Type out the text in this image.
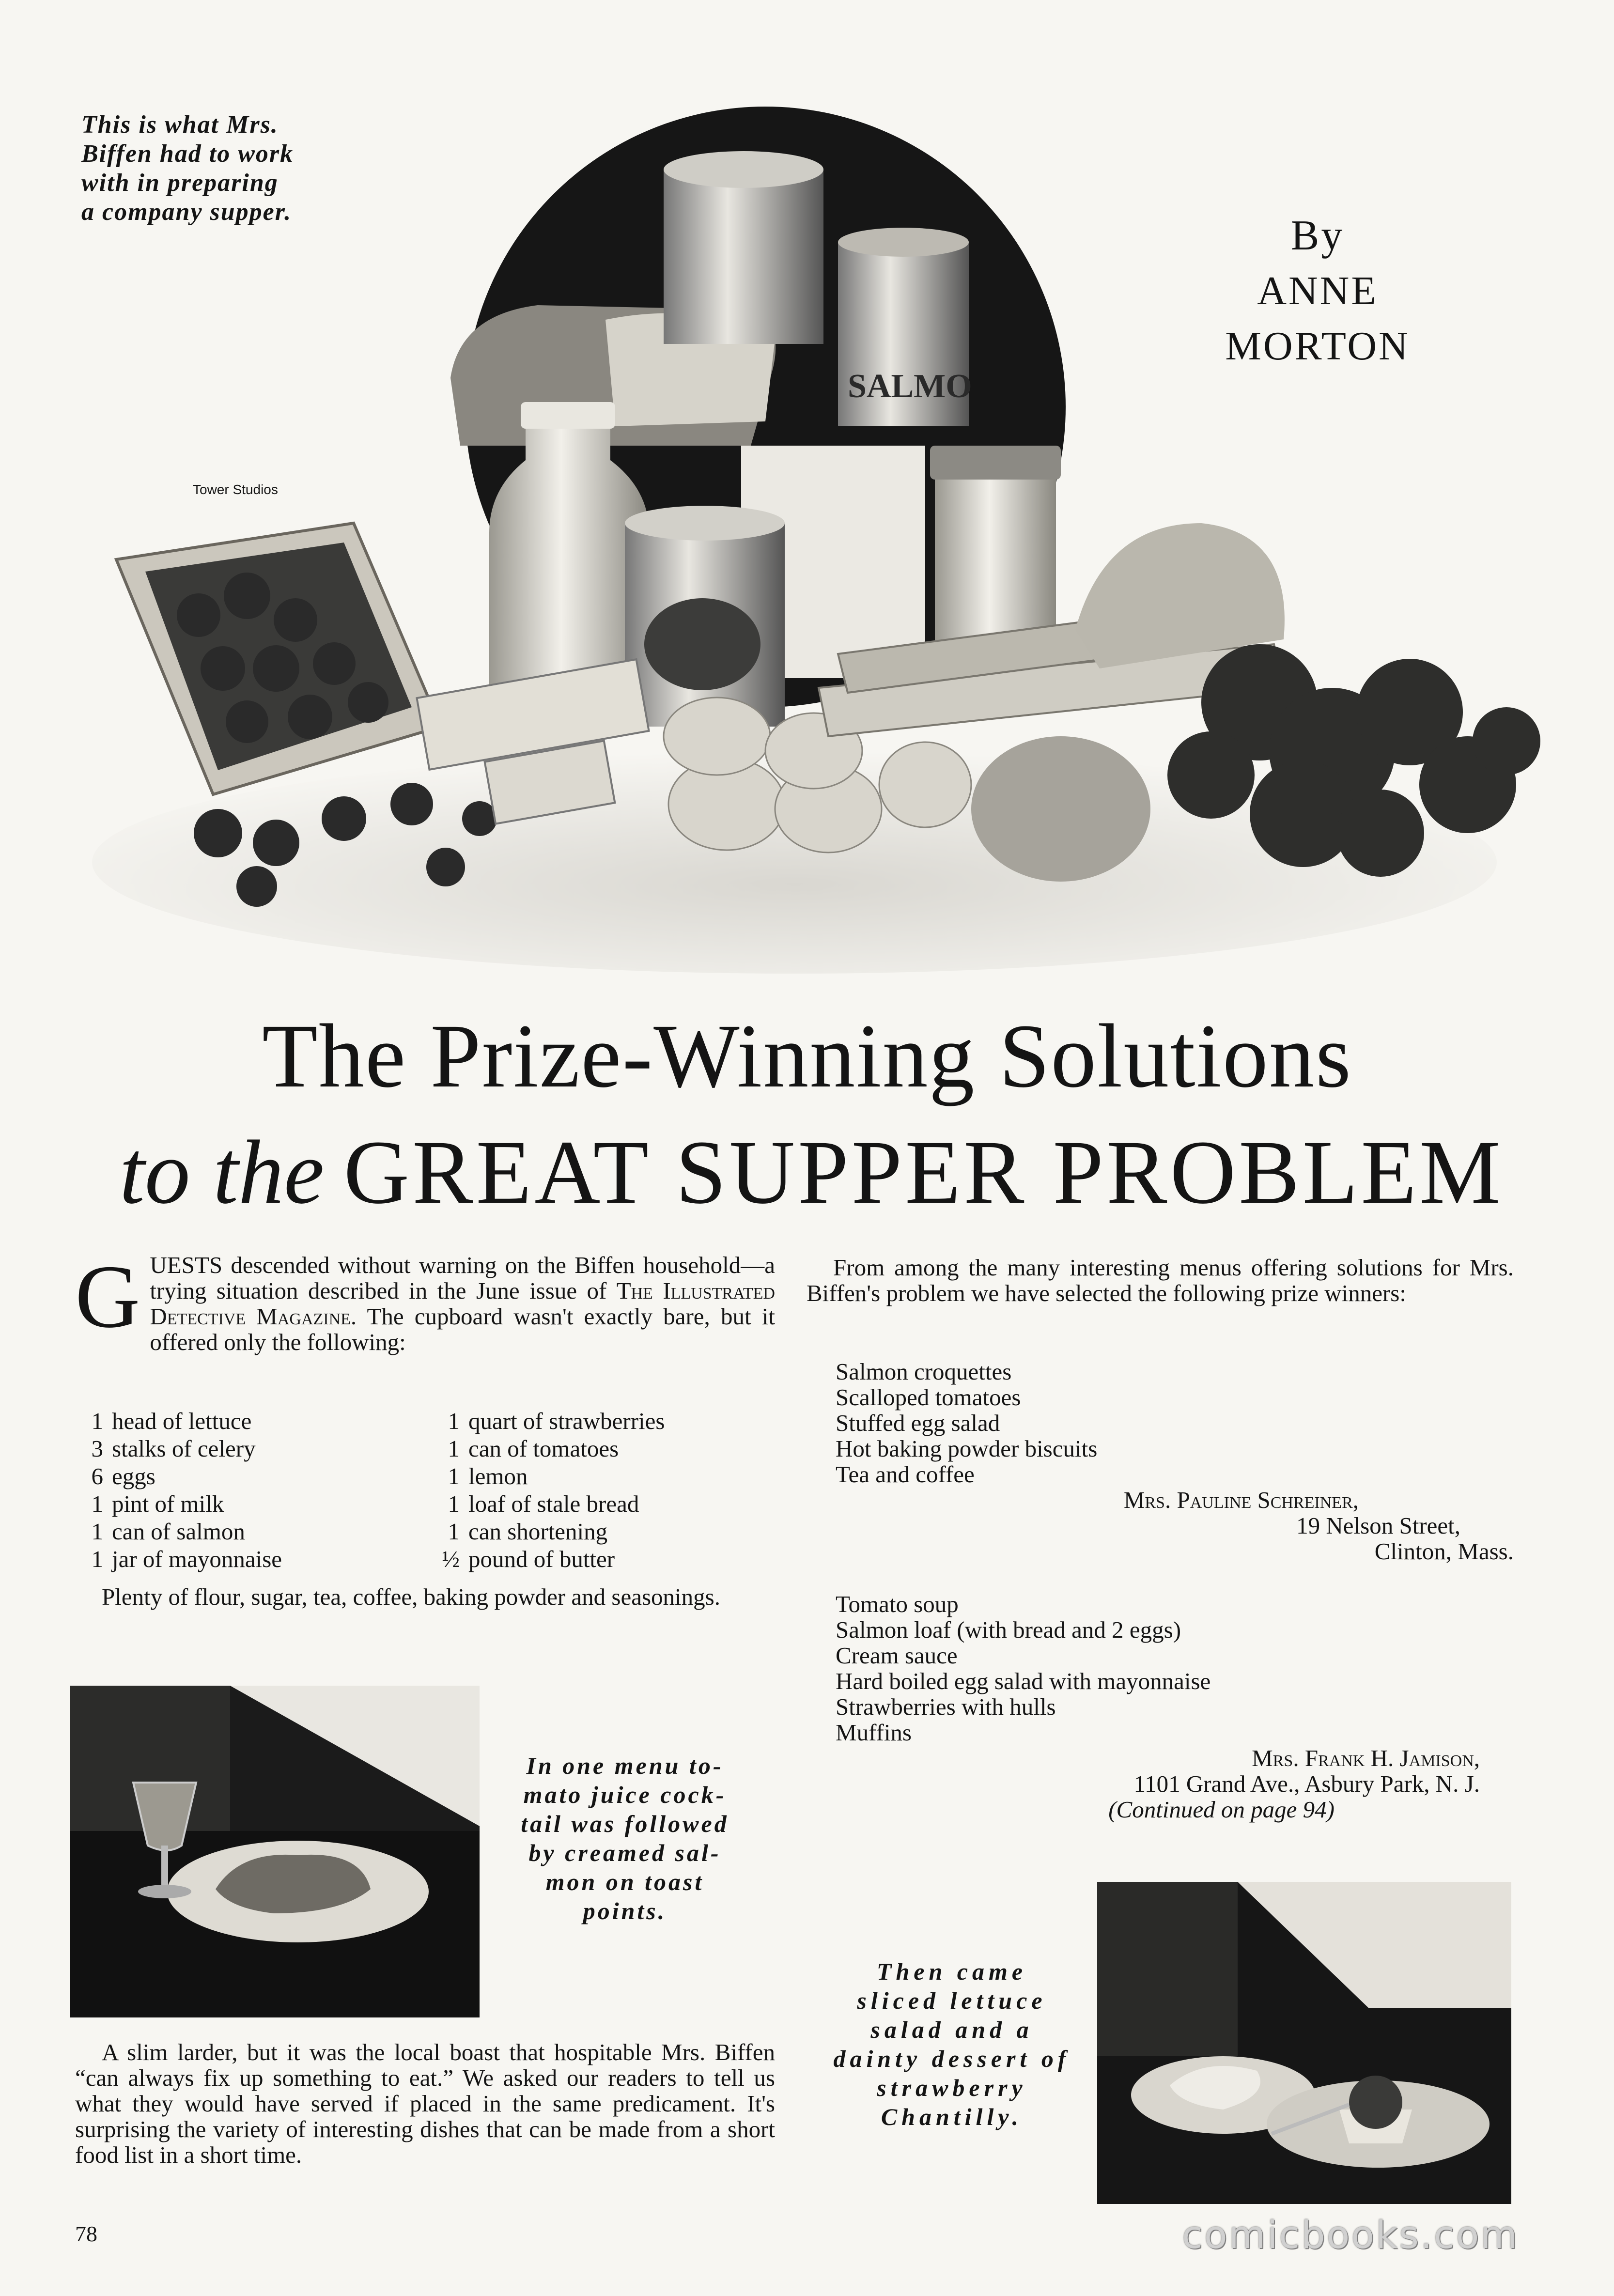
This is what Mrs.
Biffen had to work
with in preparing
a company supper.
SALMO
Tower Studios
By
ANNE
MORTON
The Prize-Winning Solutions
to the GREAT SUPPER PROBLEM
GUESTS descended without warning on the Biffen household—a trying situation described in the June issue of The Illustrated Detective Magazine. The cupboard wasn't exactly bare, but it offered only the following:
1	head of lettuce	1	quart of strawberries
3	stalks of celery	1	can of tomatoes
6	eggs	1	lemon
1	pint of milk	1	loaf of stale bread
1	can of salmon	1	can shortening
1	jar of mayonnaise	½	pound of butter
Plenty of flour, sugar, tea, coffee, baking powder and seasonings.
In one menu to-
mato juice cock-
tail was followed
by creamed sal-
mon on toast
points.
A slim larder, but it was the local boast that hospitable Mrs. Biffen “can always fix up something to eat.” We asked our readers to tell us what they would have served if placed in the same predicament. It's surprising the variety of interesting dishes that can be made from a short food list in a short time.
78
From among the many interesting menus offering solutions for Mrs. Biffen's problem we have selected the following prize winners:
Salmon croquettes
Scalloped tomatoes
Stuffed egg salad
Hot baking powder biscuits
Tea and coffee
Mrs. Pauline Schreiner,
19 Nelson Street,
Clinton, Mass.
Tomato soup
Salmon loaf (with bread and 2 eggs)
Cream sauce
Hard boiled egg salad with mayonnaise
Strawberries with hulls
Muffins
Mrs. Frank H. Jamison,
1101 Grand Ave., Asbury Park, N. J.
(Continued on page 94)
Then came
sliced lettuce
salad and a
dainty dessert of
strawberry
Chantilly.
comicbooks.com
